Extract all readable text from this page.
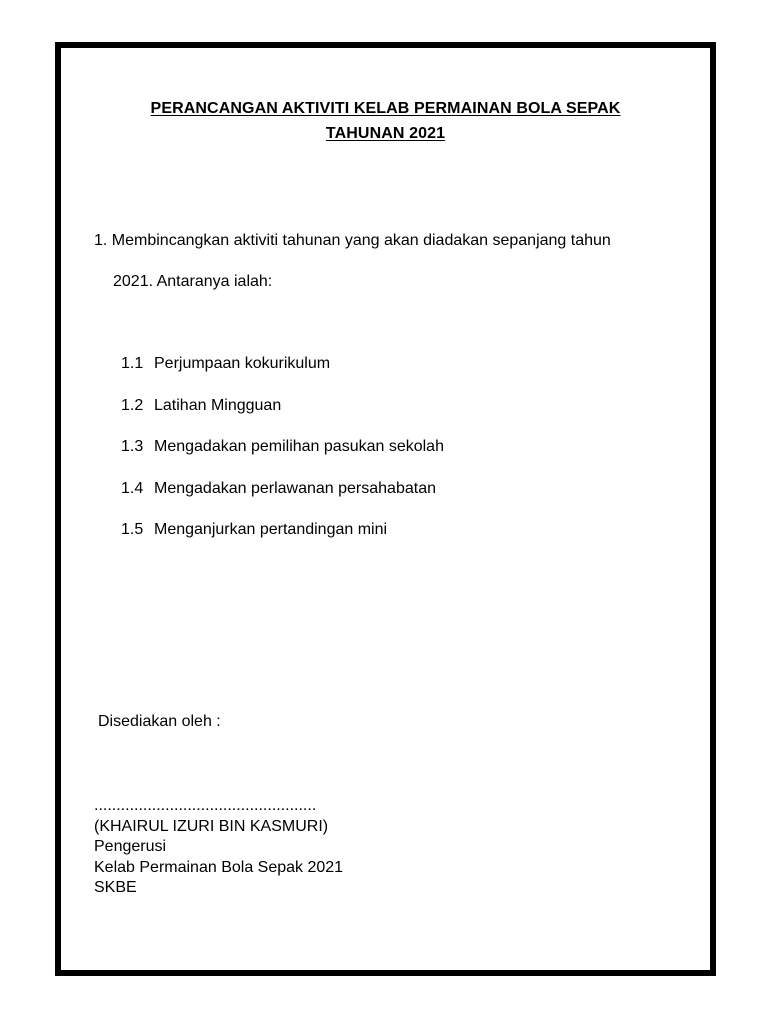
PERANCANGAN AKTIVITI KELAB PERMAINAN BOLA SEPAK
TAHUNAN 2021
1. Membincangkan aktiviti tahunan yang akan diadakan sepanjang tahun
2021. Antaranya ialah:
1.1 Perjumpaan kokurikulum
1.2 Latihan Mingguan
1.3 Mengadakan pemilihan pasukan sekolah
1.4 Mengadakan perlawanan persahabatan
1.5 Menganjurkan pertandingan mini
Disediakan oleh :
..................................................
(KHAIRUL IZURI BIN KASMURI)
Pengerusi
Kelab Permainan Bola Sepak 2021
SKBE
